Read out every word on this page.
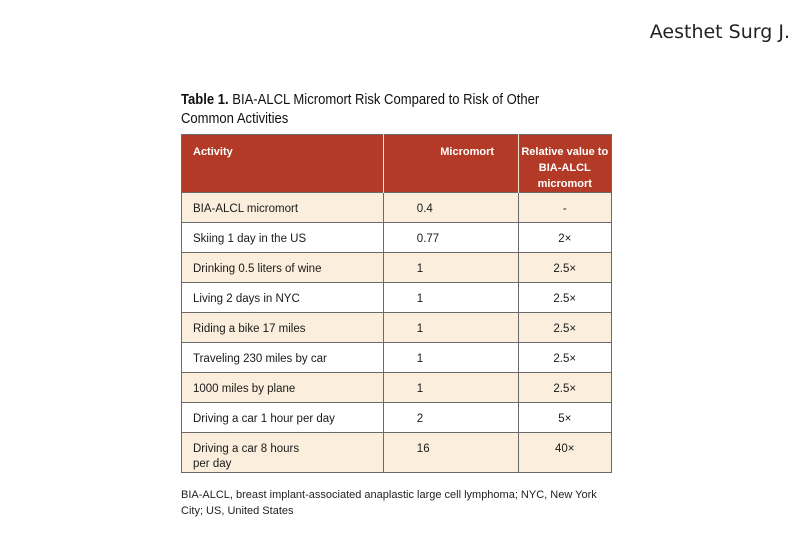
Aesthet Surg J.
Table 1. BIA-ALCL Micromort Risk Compared to Risk of Other Common Activities
Activity	Micromort	Relative value to BIA-ALCL micromort

BIA-ALCL micromort	0.4	-

Skiing 1 day in the US	0.77	2×

Drinking 0.5 liters of wine	1	2.5×

Living 2 days in NYC	1	2.5×

Riding a bike 17 miles	1	2.5×

Traveling 230 miles by car	1	2.5×

1000 miles by plane	1	2.5×

Driving a car 1 hour per day	2	5×

Driving a car 8 hours per day	16	40×
BIA-ALCL, breast implant-associated anaplastic large cell lymphoma; NYC, New York City; US, United States
